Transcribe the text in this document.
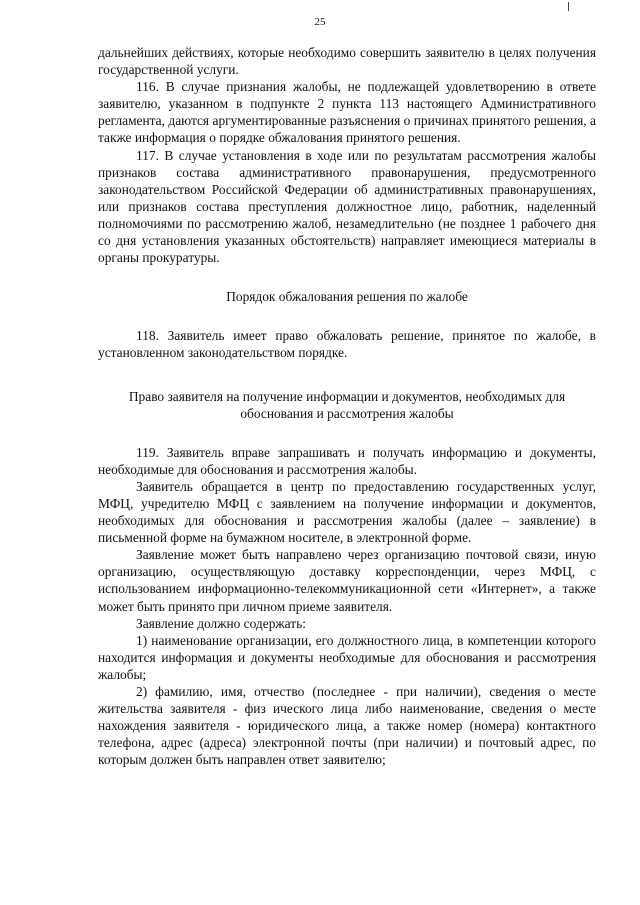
25

дальнейших действиях, которые необходимо совершить заявителю в целях получения государственной услуги.

116. В случае признания жалобы, не подлежащей удовлетворению в ответе заявителю, указанном в подпункте 2 пункта 113 настоящего Административного регламента, даются аргументированные разъяснения о причинах принятого решения, а также информация о порядке обжалования принятого решения.

117. В случае установления в ходе или по результатам рассмотрения жалобы признаков состава административного правонарушения, предусмотренного законодательством Российской Федерации об административных правонарушениях, или признаков состава преступления должностное лицо, работник, наделенный полномочиями по рассмотрению жалоб, незамедлительно (не позднее 1 рабочего дня со дня установления указанных обстоятельств) направляет имеющиеся материалы в органы прокуратуры.

Порядок обжалования решения по жалобе

118. Заявитель имеет право обжаловать решение, принятое по жалобе, в установленном законодательством порядке.

Право заявителя на получение информации и документов, необходимых для обоснования и рассмотрения жалобы

119. Заявитель вправе запрашивать и получать информацию и документы, необходимые для обоснования и рассмотрения жалобы.

Заявитель обращается в центр по предоставлению государственных услуг, МФЦ, учредителю МФЦ с заявлением на получение информации и документов, необходимых для обоснования и рассмотрения жалобы (далее – заявление) в письменной форме на бумажном носителе, в электронной форме.

Заявление может быть направлено через организацию почтовой связи, иную организацию, осуществляющую доставку корреспонденции, через МФЦ, с использованием информационно-телекоммуникационной сети «Интернет», а также может быть принято при личном приеме заявителя.

Заявление должно содержать:

1) наименование организации, его должностного лица, в компетенции которого находится информация и документы необходимые для обоснования и рассмотрения жалобы;

2) фамилию, имя, отчество (последнее - при наличии), сведения о месте жительства заявителя - физ ического лица либо наименование, сведения о месте нахождения заявителя - юридического лица, а также номер (номера) контактного телефона, адрес (адреса) электронной почты (при наличии) и почтовый адрес, по которым должен быть направлен ответ заявителю;
